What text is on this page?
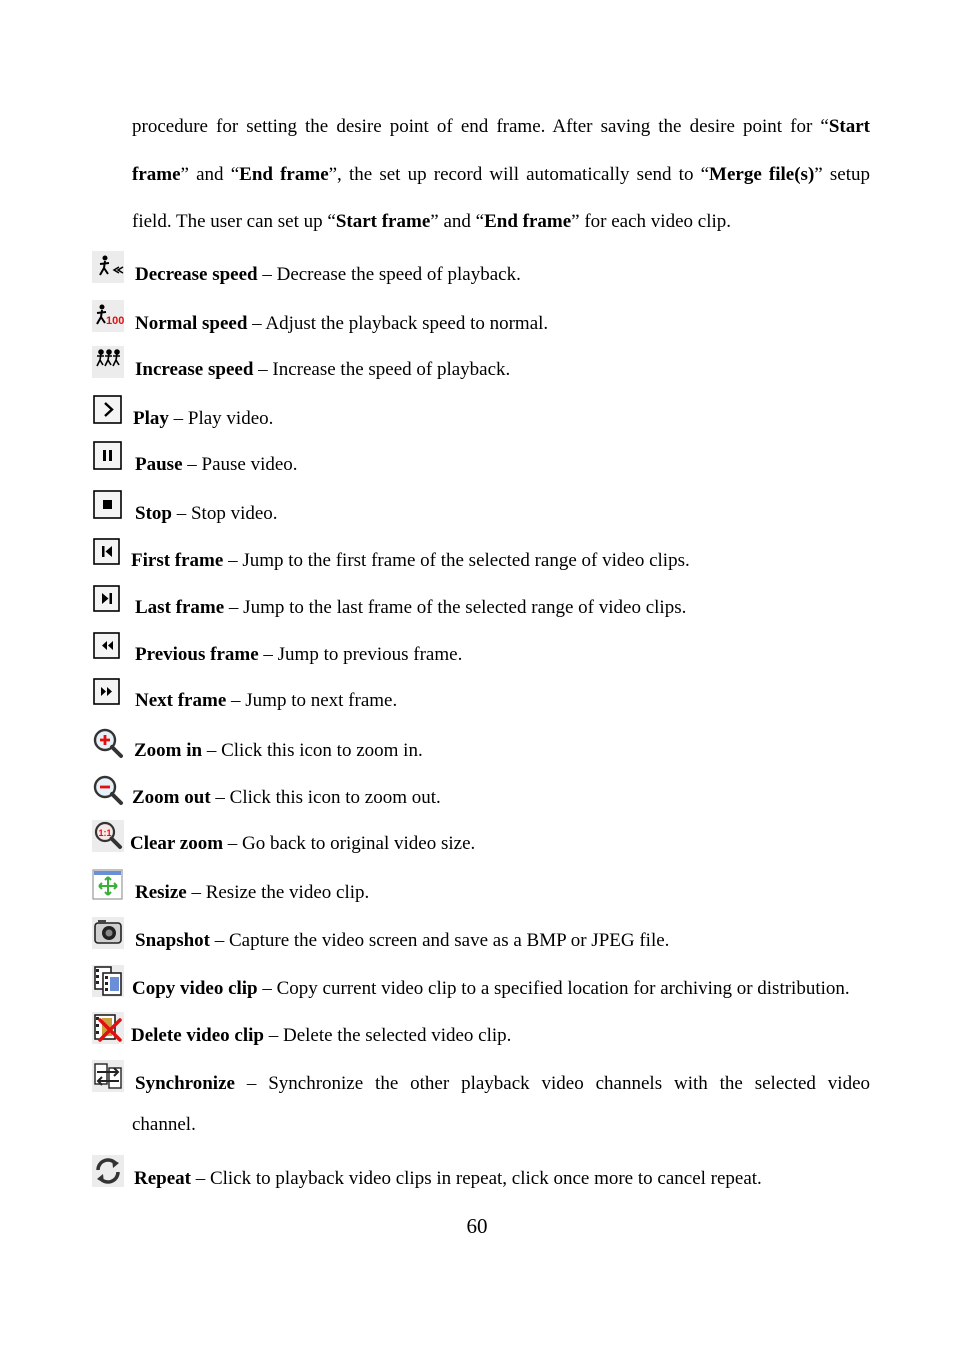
procedure for setting the desire point of end frame. After saving the desire point for “Start
frame” and “End frame”, the set up record will automatically send to “Merge file(s)” setup
field. The user can set up “Start frame” and “End frame” for each video clip.
Decrease speed – Decrease the speed of playback.
100 Normal speed – Adjust the playback speed to normal.
Increase speed – Increase the speed of playback.
Play – Play video.
Pause – Pause video.
Stop – Stop video.
First frame – Jump to the first frame of the selected range of video clips.
Last frame – Jump to the last frame of the selected range of video clips.
Previous frame – Jump to previous frame.
Next frame – Jump to next frame.
Zoom in – Click this icon to zoom in.
Zoom out – Click this icon to zoom out.
1:1 Clear zoom – Go back to original video size.
Resize – Resize the video clip.
Snapshot – Capture the video screen and save as a BMP or JPEG file.
Copy video clip – Copy current video clip to a specified location for archiving or distribution.
Delete video clip – Delete the selected video clip.
Synchronize – Synchronize the other playback video channels with the selected video
channel.
Repeat – Click to playback video clips in repeat, click once more to cancel repeat.
60
